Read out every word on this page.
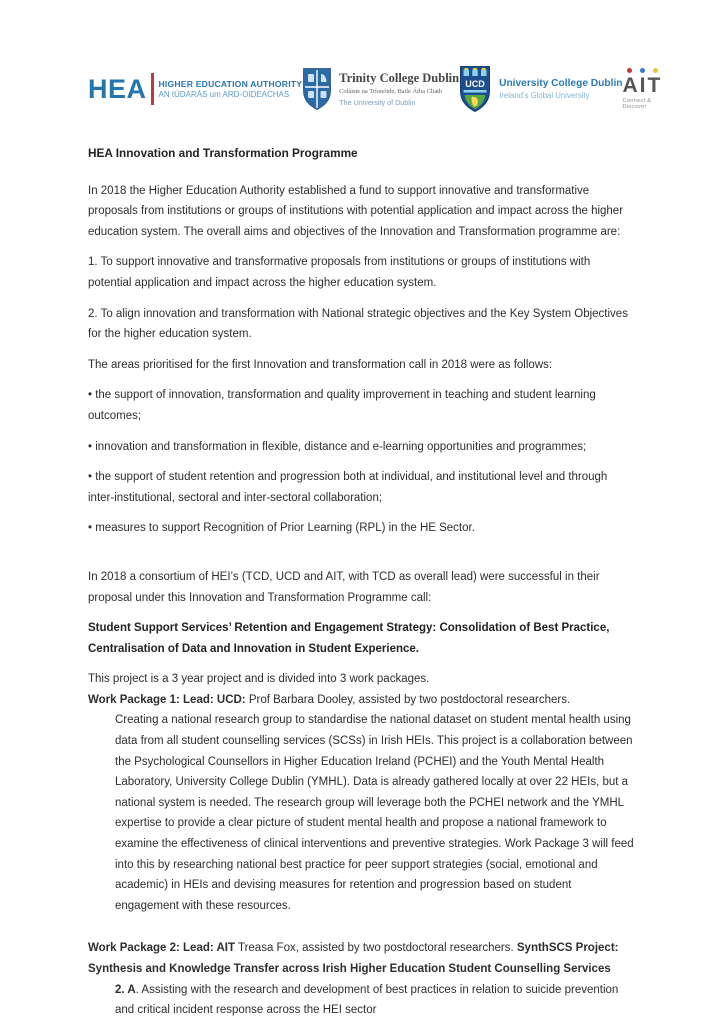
HEA HIGHER EDUCATION AUTHORITY
AN tÚDARÁS um ARD-OIDEACHAS
Trinity College Dublin
Coláiste na Tríonóide, Baile Átha Cliath
The University of Dublin
UCD University College Dublin
Ireland’s Global University	AIT
Connect & Discover
HEA Innovation and Transformation Programme

In 2018 the Higher Education Authority established a fund to support innovative and transformative proposals from institutions or groups of institutions with potential application and impact across the higher education system. The overall aims and objectives of the Innovation and Transformation programme are:

1. To support innovative and transformative proposals from institutions or groups of institutions with potential application and impact across the higher education system.

2. To align innovation and transformation with National strategic objectives and the Key System Objectives for the higher education system.

The areas prioritised for the first Innovation and transformation call in 2018 were as follows:

• the support of innovation, transformation and quality improvement in teaching and student learning outcomes;

• innovation and transformation in flexible, distance and e-learning opportunities and programmes;

• the support of student retention and progression both at individual, and institutional level and through inter-institutional, sectoral and inter-sectoral collaboration;

• measures to support Recognition of Prior Learning (RPL) in the HE Sector.

In 2018 a consortium of HEI’s (TCD, UCD and AIT, with TCD as overall lead) were successful in their proposal under this Innovation and Transformation Programme call:

Student Support Services’ Retention and Engagement Strategy: Consolidation of Best Practice, Centralisation of Data and Innovation in Student Experience.

This project is a 3 year project and is divided into 3 work packages.

Work Package 1: Lead: UCD: Prof Barbara Dooley, assisted by two postdoctoral researchers.

Creating a national research group to standardise the national dataset on student mental health using data from all student counselling services (SCSs) in Irish HEIs. This project is a collaboration between the Psychological Counsellors in Higher Education Ireland (PCHEI) and the Youth Mental Health Laboratory, University College Dublin (YMHL). Data is already gathered locally at over 22 HEIs, but a national system is needed. The research group will leverage both the PCHEI network and the YMHL expertise to provide a clear picture of student mental health and propose a national framework to examine the effectiveness of clinical interventions and preventive strategies. Work Package 3 will feed into this by researching national best practice for peer support strategies (social, emotional and academic) in HEIs and devising measures for retention and progression based on student engagement with these resources.

Work Package 2: Lead: AIT Treasa Fox, assisted by two postdoctoral researchers. SynthSCS Project: Synthesis and Knowledge Transfer across Irish Higher Education Student Counselling Services

2. A. Assisting with the research and development of best practices in relation to suicide prevention and critical incident response across the HEI sector
